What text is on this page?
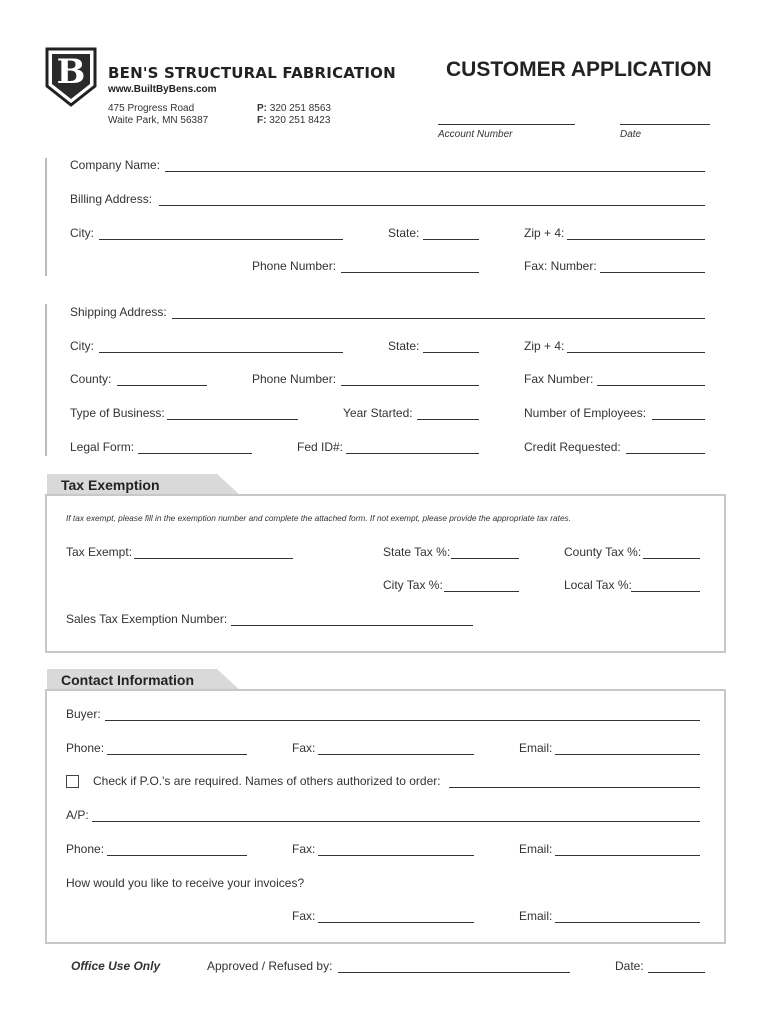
B	BEN'S STRUCTURAL FABRICATION
www.BuiltByBens.com
475 Progress Road
Waite Park, MN 56387
P: 320 251 8563
F: 320 251 8423
CUSTOMER APPLICATION
Account Number	Date
Company Name:
Billing Address:
City:	State:	Zip + 4:
Phone Number:	Fax: Number:
Shipping Address:
City:	State:	Zip + 4:
County:	Phone Number:	Fax Number:
Type of Business:	Year Started:	Number of Employees:
Legal Form:	Fed ID#:	Credit Requested:
Tax Exemption
If tax exempt, please fill in the exemption number and complete the attached form. If not exempt, please provide the appropriate tax rates.
Tax Exempt:	State Tax %:	County Tax %:
City Tax %:	Local Tax %:
Sales Tax Exemption Number:
Contact Information
Buyer:
Phone:	Fax:	Email:
Check if P.O.'s are required. Names of others authorized to order:
A/P:
Phone:	Fax:	Email:
How would you like to receive your invoices?
Fax:	Email:
Office Use Only	Approved / Refused by:	Date:
